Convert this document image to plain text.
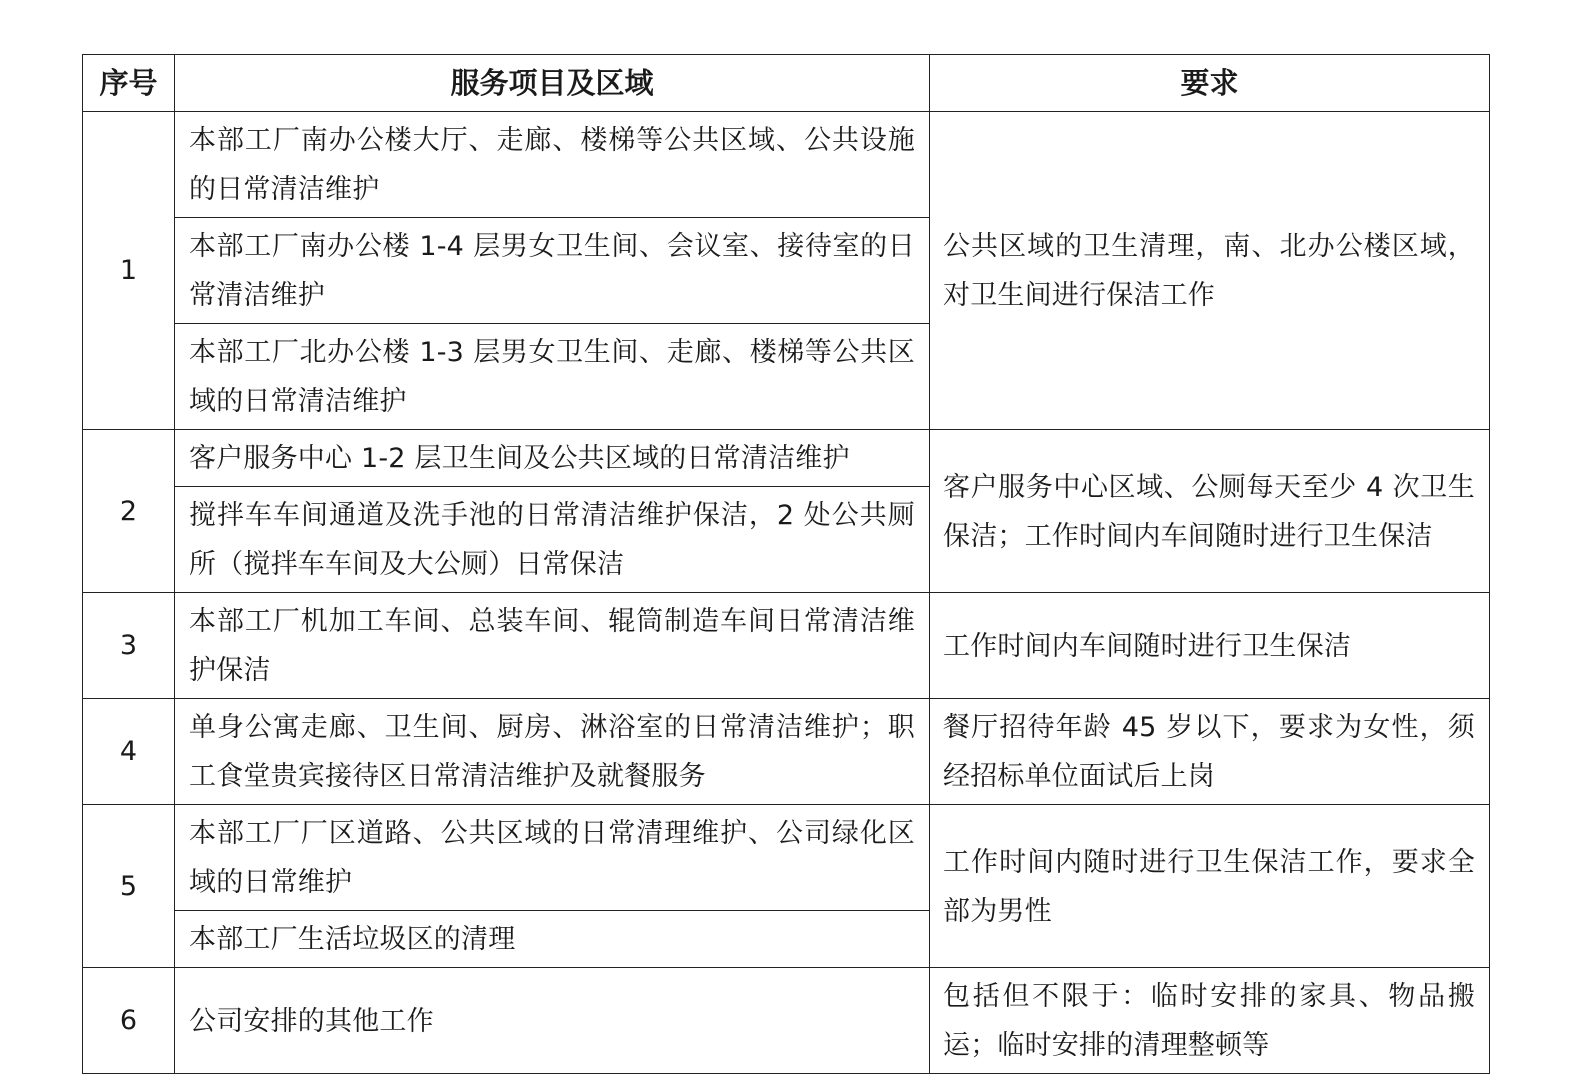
序号	服务项目及区域	要求
1	本部工厂南办公楼大厅、走廊、楼梯等公共区域、公共设施的日常清洁维护	公共区域的卫生清理，南、北办公楼区域，对卫生间进行保洁工作
	本部工厂南办公楼 1-4 层男女卫生间、会议室、接待室的日常清洁维护	
	本部工厂北办公楼 1-3 层男女卫生间、走廊、楼梯等公共区域的日常清洁维护	
2	客户服务中心 1-2 层卫生间及公共区域的日常清洁维护	客户服务中心区域、公厕每天至少 4 次卫生保洁；工作时间内车间随时进行卫生保洁
	搅拌车车间通道及洗手池的日常清洁维护保洁，2 处公共厕所（搅拌车车间及大公厕）日常保洁	
3	本部工厂机加工车间、总装车间、辊筒制造车间日常清洁维护保洁	工作时间内车间随时进行卫生保洁
4	单身公寓走廊、卫生间、厨房、淋浴室的日常清洁维护；职工食堂贵宾接待区日常清洁维护及就餐服务	餐厅招待年龄 45 岁以下，要求为女性，须经招标单位面试后上岗
5	本部工厂厂区道路、公共区域的日常清理维护、公司绿化区域的日常维护	工作时间内随时进行卫生保洁工作，要求全部为男性
	本部工厂生活垃圾区的清理	
6	公司安排的其他工作	包括但不限于：临时安排的家具、物品搬运；临时安排的清理整顿等
